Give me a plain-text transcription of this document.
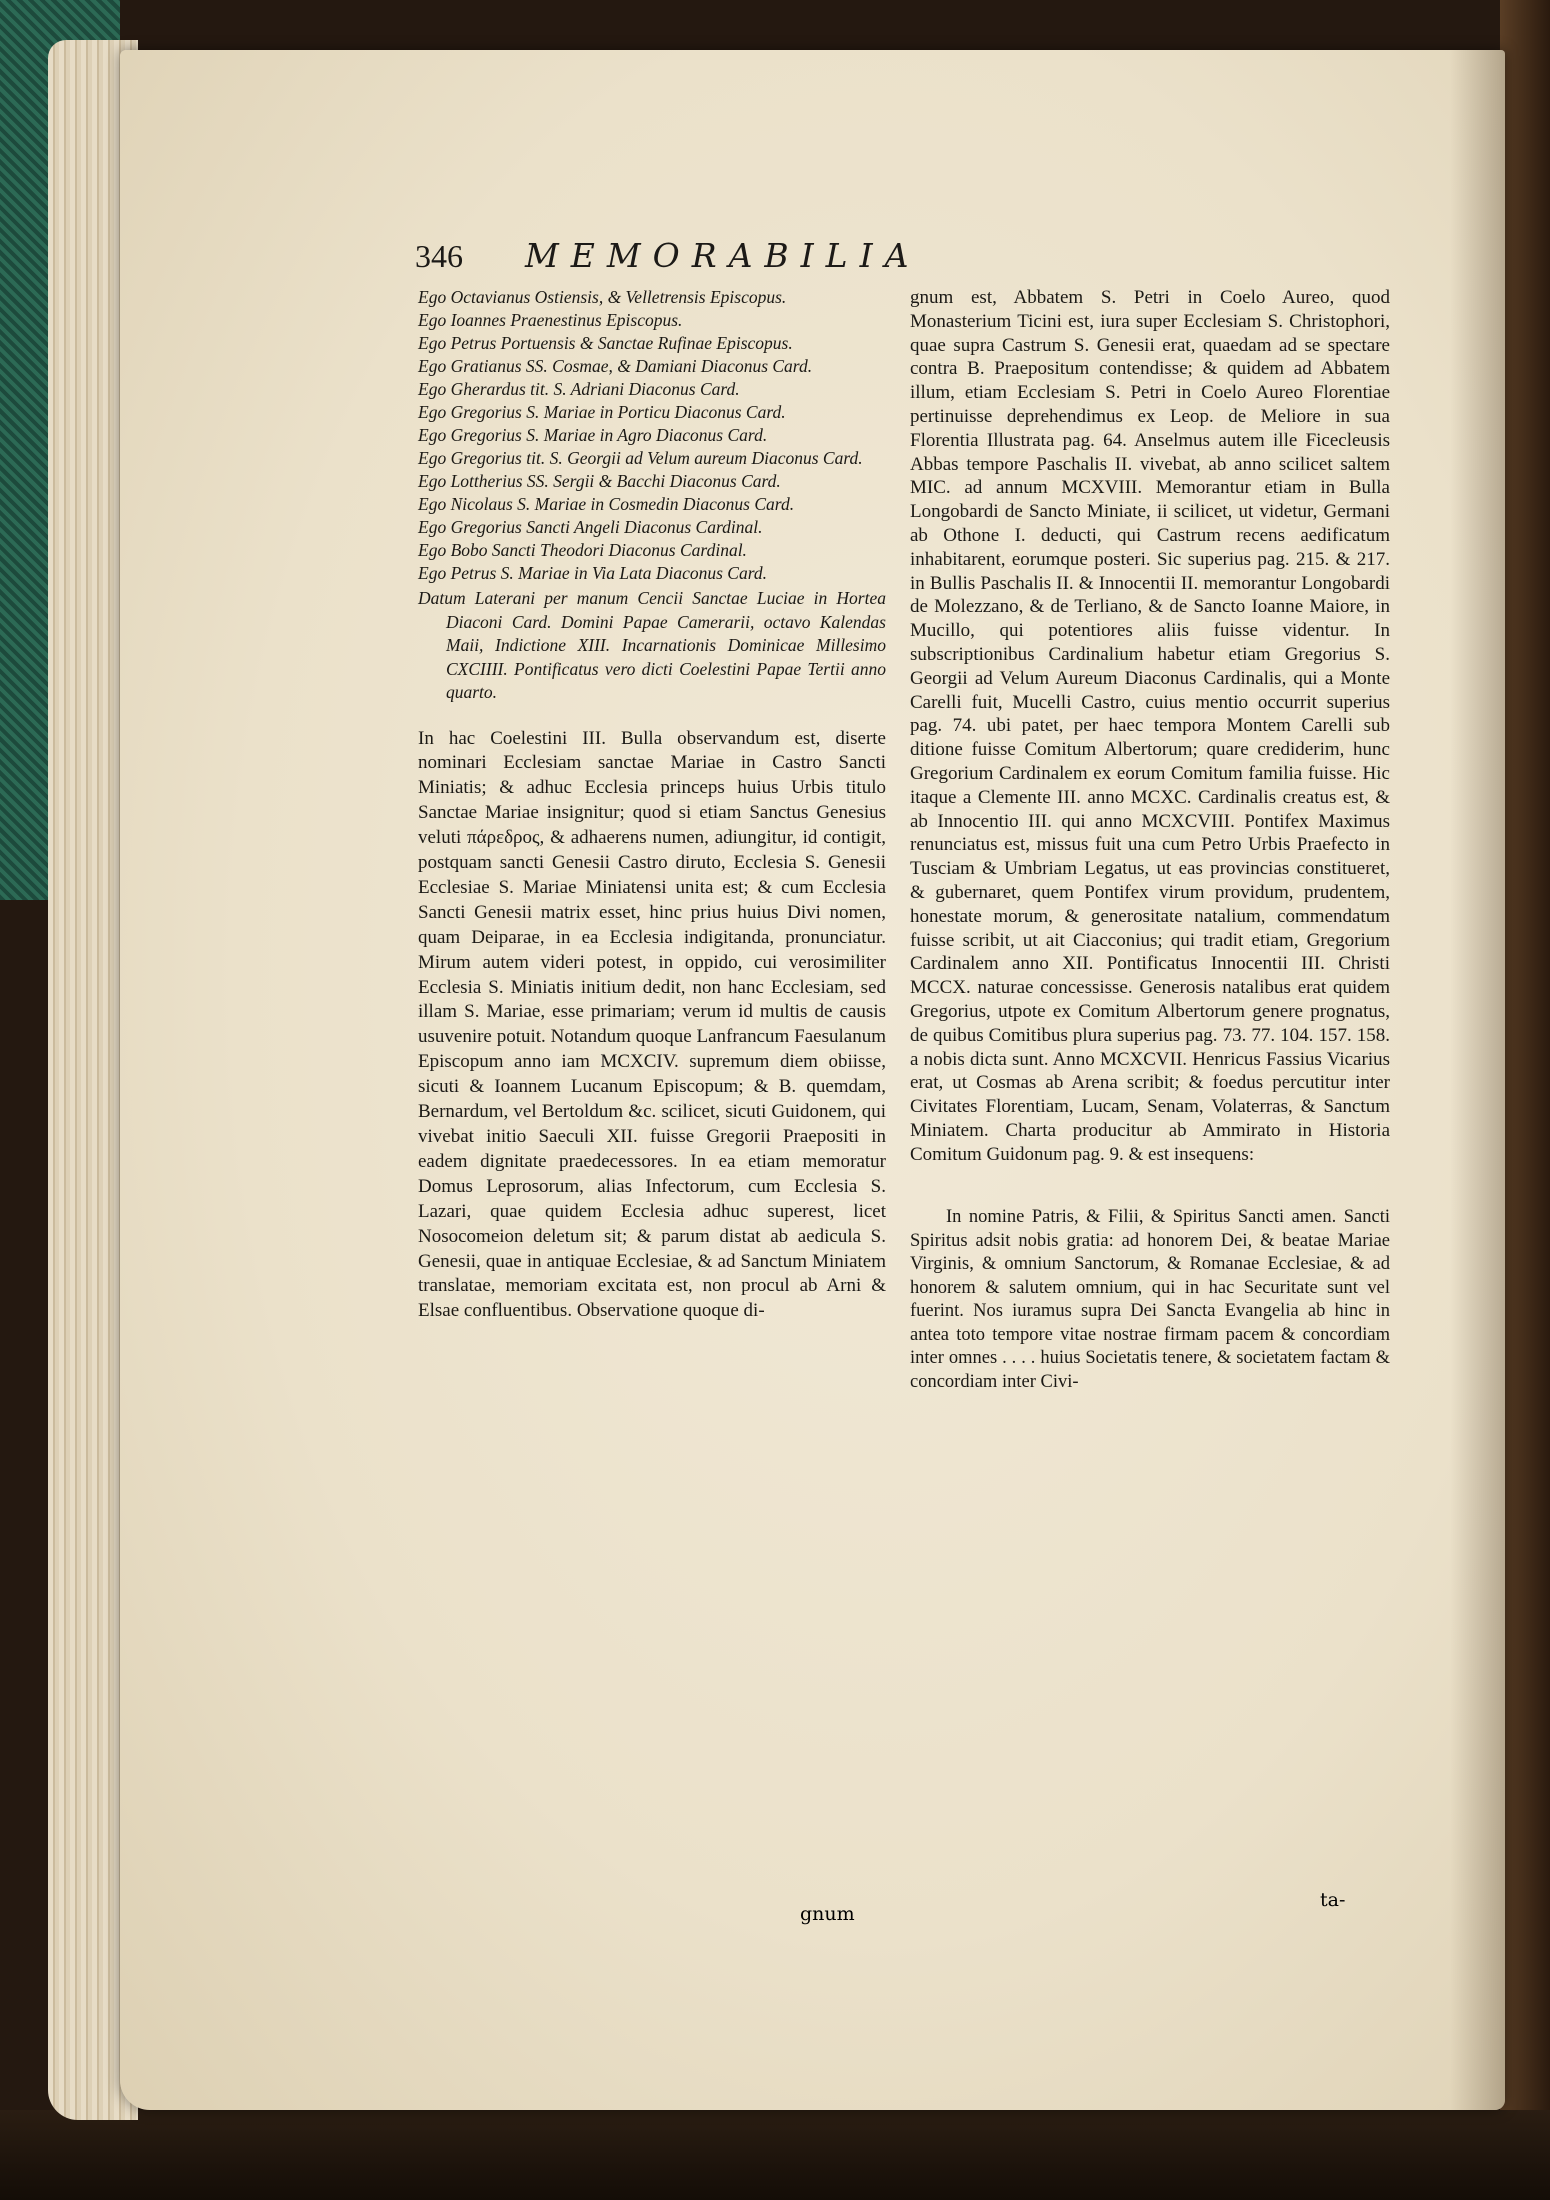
346 MEMORABILIA

Ego Octavianus Ostiensis, & Velletrensis Episcopus.

Ego Ioannes Praenestinus Episcopus.

Ego Petrus Portuensis & Sanctae Rufinae Episcopus.

Ego Gratianus SS. Cosmae, & Damiani Diaconus Card.

Ego Gherardus tit. S. Adriani Diaconus Card.

Ego Gregorius S. Mariae in Porticu Diaconus Card.

Ego Gregorius S. Mariae in Agro Diaconus Card.

Ego Gregorius tit. S. Georgii ad Velum aureum Diaconus Card.

Ego Lottherius SS. Sergii & Bacchi Diaconus Card.

Ego Nicolaus S. Mariae in Cosmedin Diaconus Card.

Ego Gregorius Sancti Angeli Diaconus Cardinal.

Ego Bobo Sancti Theodori Diaconus Cardinal.

Ego Petrus S. Mariae in Via Lata Diaconus Card.

Datum Laterani per manum Cencii Sanctae Luciae in Hortea Diaconi Card. Domini Papae Camerarii, octavo Kalendas Maii, Indictione XIII. Incarnationis Dominicae Millesimo CXCIIII. Pontificatus vero dicti Coelestini Papae Tertii anno quarto.

In hac Coelestini III. Bulla observandum est, diserte nominari Ecclesiam sanctae Mariae in Castro Sancti Miniatis; & adhuc Ecclesia princeps huius Urbis titulo Sanctae Mariae insignitur; quod si etiam Sanctus Genesius veluti πάρεδρος, & adhaerens numen, adiungitur, id contigit, postquam sancti Genesii Castro diruto, Ecclesia S. Genesii Ecclesiae S. Mariae Miniatensi unita est; & cum Ecclesia Sancti Genesii matrix esset, hinc prius huius Divi nomen, quam Deiparae, in ea Ecclesia indigitanda, pronunciatur. Mirum autem videri potest, in oppido, cui verosimiliter Ecclesia S. Miniatis initium dedit, non hanc Ecclesiam, sed illam S. Mariae, esse primariam; verum id multis de causis usuvenire potuit. Notandum quoque Lanfrancum Faesulanum Episcopum anno iam MCXCIV. supremum diem obiisse, sicuti & Ioannem Lucanum Episcopum; & B. quemdam, Bernardum, vel Bertoldum &c. scilicet, sicuti Guidonem, qui vivebat initio Saeculi XII. fuisse Gregorii Praepositi in eadem dignitate praedecessores. In ea etiam memoratur Domus Leprosorum, alias Infectorum, cum Ecclesia S. Lazari, quae quidem Ecclesia adhuc superest, licet Nosocomeion deletum sit; & parum distat ab aedicula S. Genesii, quae in antiquae Ecclesiae, & ad Sanctum Miniatem translatae, memoriam excitata est, non procul ab Arni & Elsae confluentibus. Observatione quoque di-

gnum

gnum est, Abbatem S. Petri in Coelo Aureo, quod Monasterium Ticini est, iura super Ecclesiam S. Christophori, quae supra Castrum S. Genesii erat, quaedam ad se spectare contra B. Praepositum contendisse; & quidem ad Abbatem illum, etiam Ecclesiam S. Petri in Coelo Aureo Florentiae pertinuisse deprehendimus ex Leop. de Meliore in sua Florentia Illustrata pag. 64. Anselmus autem ille Ficecleusis Abbas tempore Paschalis II. vivebat, ab anno scilicet saltem MIC. ad annum MCXVIII. Memorantur etiam in Bulla Longobardi de Sancto Miniate, ii scilicet, ut videtur, Germani ab Othone I. deducti, qui Castrum recens aedificatum inhabitarent, eorumque posteri. Sic superius pag. 215. & 217. in Bullis Paschalis II. & Innocentii II. memorantur Longobardi de Molezzano, & de Terliano, & de Sancto Ioanne Maiore, in Mucillo, qui potentiores aliis fuisse videntur. In subscriptionibus Cardinalium habetur etiam Gregorius S. Georgii ad Velum Aureum Diaconus Cardinalis, qui a Monte Carelli fuit, Mucelli Castro, cuius mentio occurrit superius pag. 74. ubi patet, per haec tempora Montem Carelli sub ditione fuisse Comitum Albertorum; quare crediderim, hunc Gregorium Cardinalem ex eorum Comitum familia fuisse. Hic itaque a Clemente III. anno MCXC. Cardinalis creatus est, & ab Innocentio III. qui anno MCXCVIII. Pontifex Maximus renunciatus est, missus fuit una cum Petro Urbis Praefecto in Tusciam & Umbriam Legatus, ut eas provincias constitueret, & gubernaret, quem Pontifex virum providum, prudentem, honestate morum, & generositate natalium, commendatum fuisse scribit, ut ait Ciacconius; qui tradit etiam, Gregorium Cardinalem anno XII. Pontificatus Innocentii III. Christi MCCX. naturae concessisse. Generosis natalibus erat quidem Gregorius, utpote ex Comitum Albertorum genere prognatus, de quibus Comitibus plura superius pag. 73. 77. 104. 157. 158. a nobis dicta sunt. Anno MCXCVII. Henricus Fassius Vicarius erat, ut Cosmas ab Arena scribit; & foedus percutitur inter Civitates Florentiam, Lucam, Senam, Volaterras, & Sanctum Miniatem. Charta producitur ab Ammirato in Historia Comitum Guidonum pag. 9. & est insequens:

In nomine Patris, & Filii, & Spiritus Sancti amen. Sancti Spiritus adsit nobis gratia: ad honorem Dei, & beatae Mariae Virginis, & omnium Sanctorum, & Romanae Ecclesiae, & ad honorem & salutem omnium, qui in hac Securitate sunt vel fuerint. Nos iuramus supra Dei Sancta Evangelia ab hinc in antea toto tempore vitae nostrae firmam pacem & concordiam inter omnes . . . . huius Societatis tenere, & societatem factam & concordiam inter Civi-

ta-
